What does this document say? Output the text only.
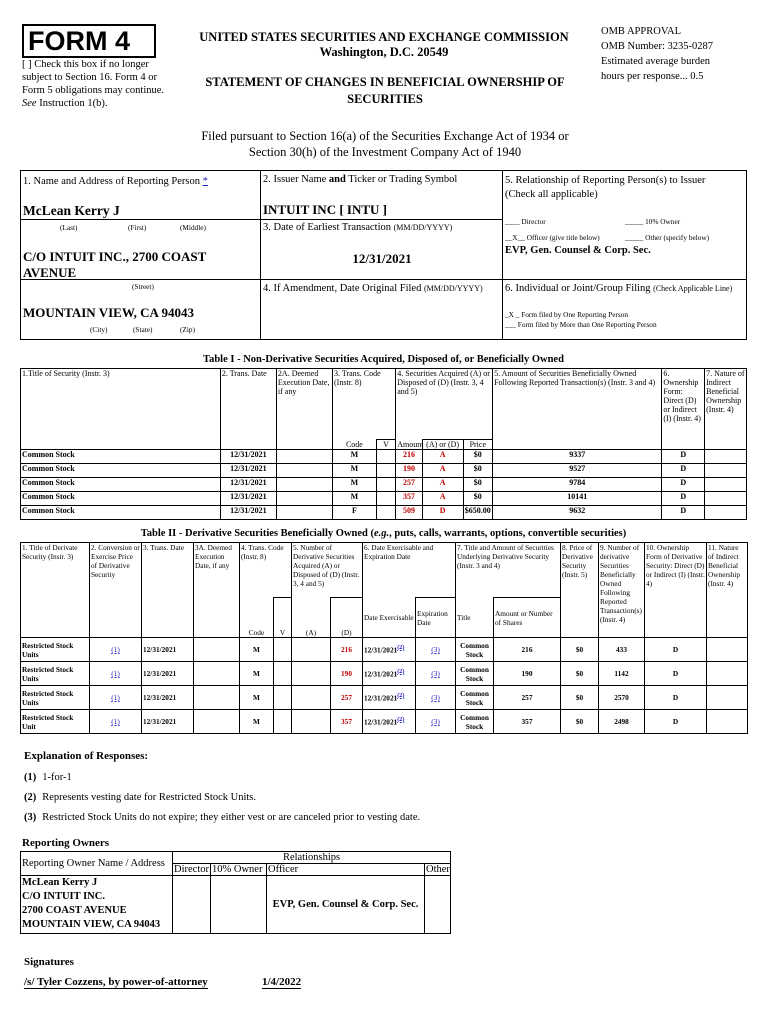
FORM 4
[ ] Check this box if no longer subject to Section 16. Form 4 or Form 5 obligations may continue. See Instruction 1(b).
UNITED STATES SECURITIES AND EXCHANGE COMMISSION
Washington, D.C. 20549
STATEMENT OF CHANGES IN BENEFICIAL OWNERSHIP OF SECURITIES
OMB APPROVAL
OMB Number: 3235-0287
Estimated average burden
hours per response... 0.5
Filed pursuant to Section 16(a) of the Securities Exchange Act of 1934 or
Section 30(h) of the Investment Company Act of 1940
1. Name and Address of Reporting Person *
McLean Kerry J
(Last)	(First)	(Middle)
C/O INTUIT INC., 2700 COAST AVENUE
(Street)
MOUNTAIN VIEW, CA 94043
(City)	(State)	(Zip)
2. Issuer Name and Ticker or Trading Symbol
INTUIT INC [ INTU ]
3. Date of Earliest Transaction (MM/DD/YYYY)
12/31/2021
4. If Amendment, Date Original Filed (MM/DD/YYYY)
5. Relationship of Reporting Person(s) to Issuer
(Check all applicable)
____ Director	_____ 10% Owner
__X__ Officer (give title below)	_____ Other (specify below)
EVP, Gen. Counsel & Corp. Sec.
6. Individual or Joint/Group Filing (Check Applicable Line)
_X _ Form filed by One Reporting Person
___ Form filed by More than One Reporting Person
Table I - Non-Derivative Securities Acquired, Disposed of, or Beneficially Owned
1.Title of Security (Instr. 3)	2. Trans. Date	2A. Deemed Execution Date, if any	3. Trans. Code (Instr. 8)		4. Securities Acquired (A) or Disposed of (D) (Instr. 3, 4 and 5)			5. Amount of Securities Beneficially Owned Following Reported Transaction(s) (Instr. 3 and 4)	6. Ownership Form: Direct (D) or Indirect (I) (Instr. 4)	7. Nature of Indirect Beneficial Ownership (Instr. 4)
			Code	V	Amount	(A) or (D)	Price			
Common Stock	12/31/2021		M		216	A	$0	9337	D	
Common Stock	12/31/2021		M		190	A	$0	9527	D	
Common Stock	12/31/2021		M		257	A	$0	9784	D	
Common Stock	12/31/2021		M		357	A	$0	10141	D	
Common Stock	12/31/2021		F		509	D	$650.00	9632	D	
Table II - Derivative Securities Beneficially Owned (e.g., puts, calls, warrants, options, convertible securities)
1. Title of Derivate Security (Instr. 3)	2. Conversion or Exercise Price of Derivative Security	3. Trans. Date	3A. Deemed Execution Date, if any	4. Trans. Code (Instr. 8)		5. Number of Derivative Securities Acquired (A) or Disposed of (D) (Instr. 3, 4 and 5)		6. Date Exercisable and Expiration Date		7. Title and Amount of Securities Underlying Derivative Security (Instr. 3 and 4)		8. Price of Derivative Security (Instr. 5)	9. Number of derivative Securities Beneficially Owned Following Reported Transaction(s) (Instr. 4)	10. Ownership Form of Derivative Security: Direct (D) or Indirect (I) (Instr. 4)	11. Nature of Indirect Beneficial Ownership (Instr. 4)
				Code	V	(A)	(D)	Date Exercisable	Expiration Date	Title	Amount or Number of Shares				
Restricted Stock Units	(1)	12/31/2021		M			216	12/31/2021$^{(2)}$	(3)	Common Stock	216	$0	433	D	
Restricted Stock Units	(1)	12/31/2021		M			190	12/31/2021$^{(2)}$	(3)	Common Stock	190	$0	1142	D	
Restricted Stock Units	(1)	12/31/2021		M			257	12/31/2021$^{(2)}$	(3)	Common Stock	257	$0	2570	D	
Restricted Stock Unit	(1)	12/31/2021		M			357	12/31/2021$^{(2)}$	(3)	Common Stock	357	$0	2498	D	
Explanation of Responses:
(1) 1-for-1
(2) Represents vesting date for Restricted Stock Units.
(3) Restricted Stock Units do not expire; they either vest or are canceled prior to vesting date.
Reporting Owners
Reporting Owner Name / Address	Relationships			
	Director	10% Owner	Officer	Other

McLean Kerry J
C/O INTUIT INC.
2700 COAST AVENUE
MOUNTAIN VIEW, CA 94043			EVP, Gen. Counsel & Corp. Sec.	
Signatures
/s/ Tyler Cozzens, by power-of-attorney	1/4/2022
